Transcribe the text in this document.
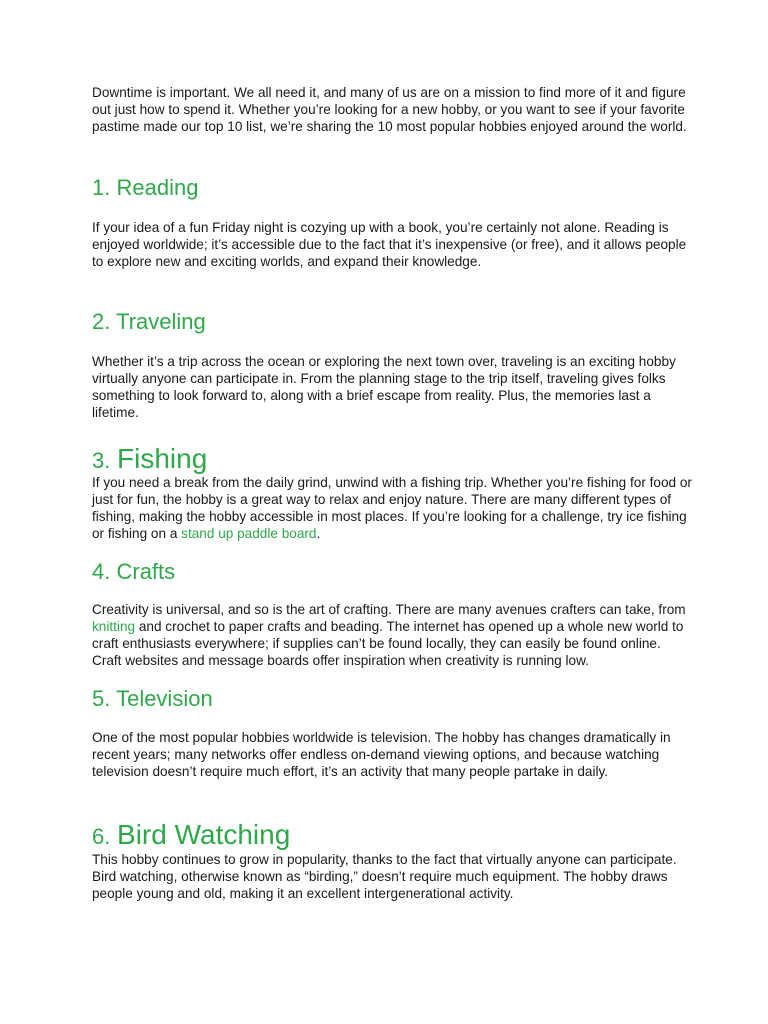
Downtime is important. We all need it, and many of us are on a mission to find more of it and figure out just how to spend it. Whether you’re looking for a new hobby, or you want to see if your favorite pastime made our top 10 list, we’re sharing the 10 most popular hobbies enjoyed around the world.

1. Reading

If your idea of a fun Friday night is cozying up with a book, you’re certainly not alone. Reading is enjoyed worldwide; it’s accessible due to the fact that it’s inexpensive (or free), and it allows people to explore new and exciting worlds, and expand their knowledge.

2. Traveling

Whether it’s a trip across the ocean or exploring the next town over, traveling is an exciting hobby virtually anyone can participate in. From the planning stage to the trip itself, traveling gives folks something to look forward to, along with a brief escape from reality. Plus, the memories last a lifetime.

3. Fishing

If you need a break from the daily grind, unwind with a fishing trip. Whether you’re fishing for food or just for fun, the hobby is a great way to relax and enjoy nature. There are many different types of fishing, making the hobby accessible in most places. If you’re looking for a challenge, try ice fishing or fishing on a stand up paddle board.

4. Crafts

Creativity is universal, and so is the art of crafting. There are many avenues crafters can take, from knitting and crochet to paper crafts and beading. The internet has opened up a whole new world to craft enthusiasts everywhere; if supplies can’t be found locally, they can easily be found online. Craft websites and message boards offer inspiration when creativity is running low.

5. Television

One of the most popular hobbies worldwide is television. The hobby has changes dramatically in recent years; many networks offer endless on-demand viewing options, and because watching television doesn’t require much effort, it’s an activity that many people partake in daily.

6. Bird Watching

This hobby continues to grow in popularity, thanks to the fact that virtually anyone can participate. Bird watching, otherwise known as “birding,” doesn’t require much equipment. The hobby draws people young and old, making it an excellent intergenerational activity.
